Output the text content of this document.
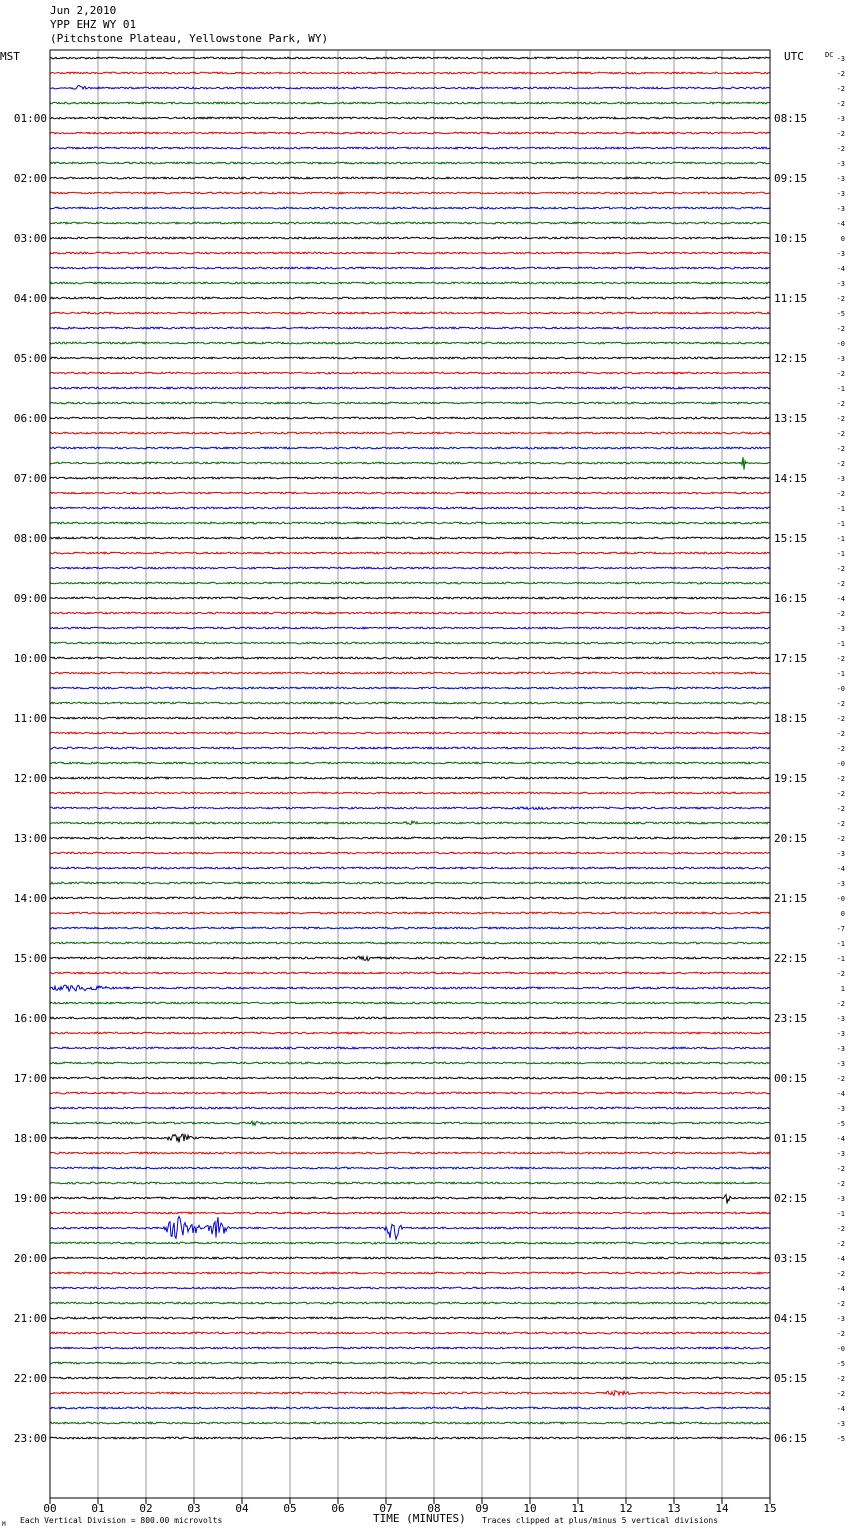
Jun 2,2010
YPP EHZ WY 01
(Pitchstone Plateau, Yellowstone Park, WY)
00	01	02	03	04	05	06	07	08	09	10	11	12	13	14	15
-3
-2
-2
-2
-3
-2
-2
-3
-3
-3
-3
-4
0
-3
-4
-3
-2
-5
-2
-0
-3
-2
-1
-2
-2
-2
-2
-2
-3
-2
-1
-1
-1
-1
-2
-2
-4
-2
-3
-1
-2
-1
-0
-2
-2
-2
-2
-0
-2
-2
-2
-2
-2
-3
-4
-3
-0
0
-7
-1
-1
-2
1
-2
-3
-3
-3
-3
-2
-4
-3
-5
-4
-3
-2
-2
-3
-1
-2
-2
-4
-2
-4
-2
-3
-2
-0
-5
-2
-2
-4
-3
-5
01:00
02:00
03:00
04:00
05:00
06:00
07:00
08:00
09:00
10:00
11:00
12:00
13:00
14:00
15:00
16:00
17:00
18:00
19:00
20:00
21:00
22:00
23:00
08:15
09:15
10:15
11:15
12:15
13:15
14:15
15:15
16:15
17:15
18:15
19:15
20:15
21:15
22:15
23:15
00:15
01:15
02:15
03:15
04:15
05:15
06:15
MST	UTC	DC
TIME (MINUTES)
Each Vertical Division = 800.00 microvolts
M	Traces clipped at plus/minus 5 vertical divisions
